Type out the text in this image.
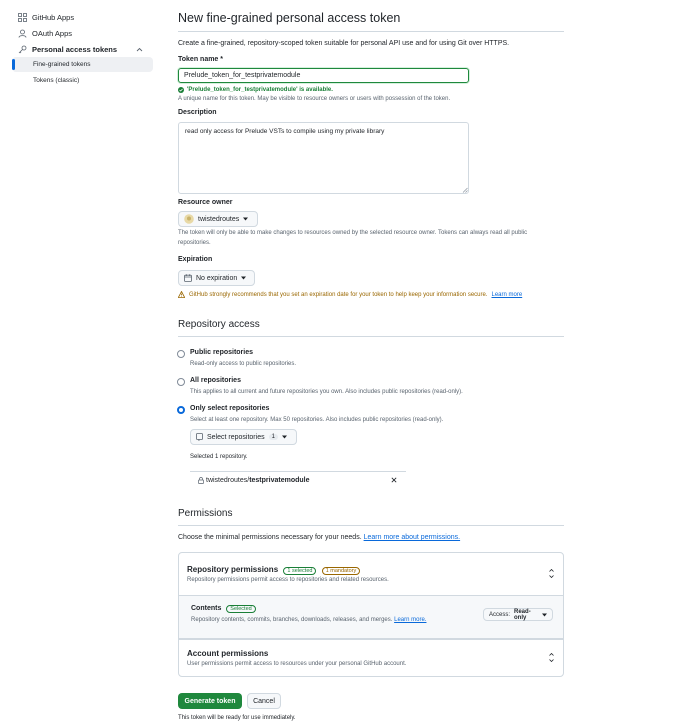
GitHub Apps
OAuth Apps
Personal access tokens
Fine-grained tokens
Tokens (classic)
New fine-grained personal access token
Create a fine-grained, repository-scoped token suitable for personal API use and for using Git over HTTPS.
Token name *
Prelude_token_for_testprivatemodule
'Prelude_token_for_testprivatemodule' is available.
A unique name for this token. May be visible to resource owners or users with possession of the token.
Description
read only access for Prelude VSTs to compile using my private library
Resource owner
twistedroutes
The token will only be able to make changes to resources owned by the selected resource owner. Tokens can always read all public
repositories.
Expiration
No expiration
GitHub strongly recommends that you set an expiration date for your token to help keep your information secure. Learn more
Repository access
Public repositories
Read-only access to public repositories.
All repositories
This applies to all current and future repositories you own. Also includes public repositories (read-only).
Only select repositories
Select at least one repository. Max 50 repositories. Also includes public repositories (read-only).
Select repositories	1
Selected 1 repository.
twistedroutes/ testprivatemodule
Permissions
Choose the minimal permissions necessary for your needs. Learn more about permissions.
Repository permissions 1 selected 1 mandatory
Repository permissions permit access to repositories and related resources.
Contents Selected
Repository contents, commits, branches, downloads, releases, and merges. Learn more.
Access: Read-only
Account permissions
User permissions permit access to resources under your personal GitHub account.
Generate token	Cancel
This token will be ready for use immediately.
